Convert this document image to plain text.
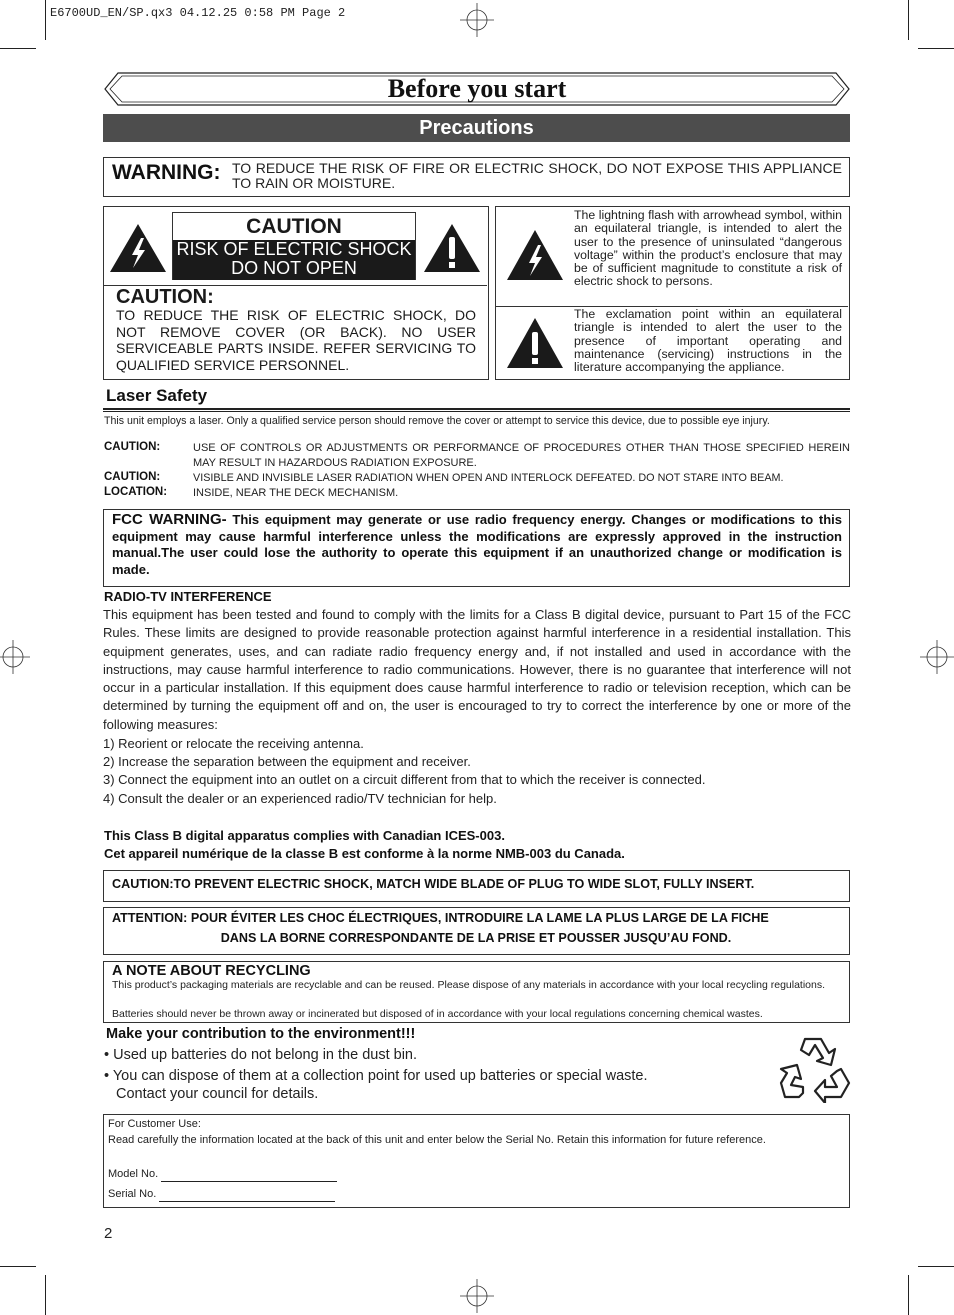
E6700UD_EN/SP.qx3 04.12.25 0:58 PM Page 2
Before you start
Precautions
WARNING: TO REDUCE THE RISK OF FIRE OR ELECTRIC SHOCK, DO NOT EXPOSE THIS APPLIANCE TO RAIN OR MOISTURE.
CAUTION
RISK OF ELECTRIC SHOCK
DO NOT OPEN
CAUTION:
TO REDUCE THE RISK OF ELECTRIC SHOCK, DO NOT REMOVE COVER (OR BACK). NO USER SERVICEABLE PARTS INSIDE. REFER SERVICING TO QUALIFIED SERVICE PERSONNEL.
The lightning flash with arrowhead symbol, within an equilateral triangle, is intended to alert the user to the presence of uninsulated “dangerous voltage” within the product’s enclosure that may be of sufficient magnitude to constitute a risk of electric shock to persons.
The exclamation point within an equilateral triangle is intended to alert the user to the presence of important operating and maintenance (servicing) instructions in the literature accompanying the appliance.
Laser Safety
This unit employs a laser. Only a qualified service person should remove the cover or attempt to service this device, due to possible eye injury.
CAUTION:	USE OF CONTROLS OR ADJUSTMENTS OR PERFORMANCE OF PROCEDURES OTHER THAN THOSE SPECIFIED HEREIN MAY RESULT IN HAZARDOUS RADIATION EXPOSURE.
CAUTION:	VISIBLE AND INVISIBLE LASER RADIATION WHEN OPEN AND INTERLOCK DEFEATED. DO NOT STARE INTO BEAM.
LOCATION: INSIDE, NEAR THE DECK MECHANISM.
FCC WARNING- This equipment may generate or use radio frequency energy. Changes or modifications to this equipment may cause harmful interference unless the modifications are expressly approved in the instruction manual.The user could lose the authority to operate this equipment if an unauthorized change or modification is made.
RADIO-TV INTERFERENCE
This equipment has been tested and found to comply with the limits for a Class B digital device, pursuant to Part 15 of the FCC Rules. These limits are designed to provide reasonable protection against harmful interference in a residential installation. This equipment generates, uses, and can radiate radio frequency energy and, if not installed and used in accordance with the instructions, may cause harmful interference to radio communications. However, there is no guarantee that interference will not occur in a particular installation. If this equipment does cause harmful interference to radio or television reception, which can be determined by turning the equipment off and on, the user is encouraged to try to correct the interference by one or more of the following measures:
1) Reorient or relocate the receiving antenna.
2) Increase the separation between the equipment and receiver.
3) Connect the equipment into an outlet on a circuit different from that to which the receiver is connected.
4) Consult the dealer or an experienced radio/TV technician for help.
This Class B digital apparatus complies with Canadian ICES-003.
Cet appareil numérique de la classe B est conforme à la norme NMB-003 du Canada.
CAUTION:TO PREVENT ELECTRIC SHOCK, MATCH WIDE BLADE OF PLUG TO WIDE SLOT, FULLY INSERT.
ATTENTION: POUR ÉVITER LES CHOC ÉLECTRIQUES, INTRODUIRE LA LAME LA PLUS LARGE DE LA FICHE
DANS LA BORNE CORRESPONDANTE DE LA PRISE ET POUSSER JUSQU’AU FOND.
A NOTE ABOUT RECYCLING
This product’s packaging materials are recyclable and can be reused. Please dispose of any materials in accordance with your local recycling regulations.
Batteries should never be thrown away or incinerated but disposed of in accordance with your local regulations concerning chemical wastes.
Make your contribution to the environment!!!
• Used up batteries do not belong in the dust bin.
• You can dispose of them at a collection point for used up batteries or special waste.
Contact your council for details.
For Customer Use:
Read carefully the information located at the back of this unit and enter below the Serial No. Retain this information for future reference.
Model No.
Serial No.
2
